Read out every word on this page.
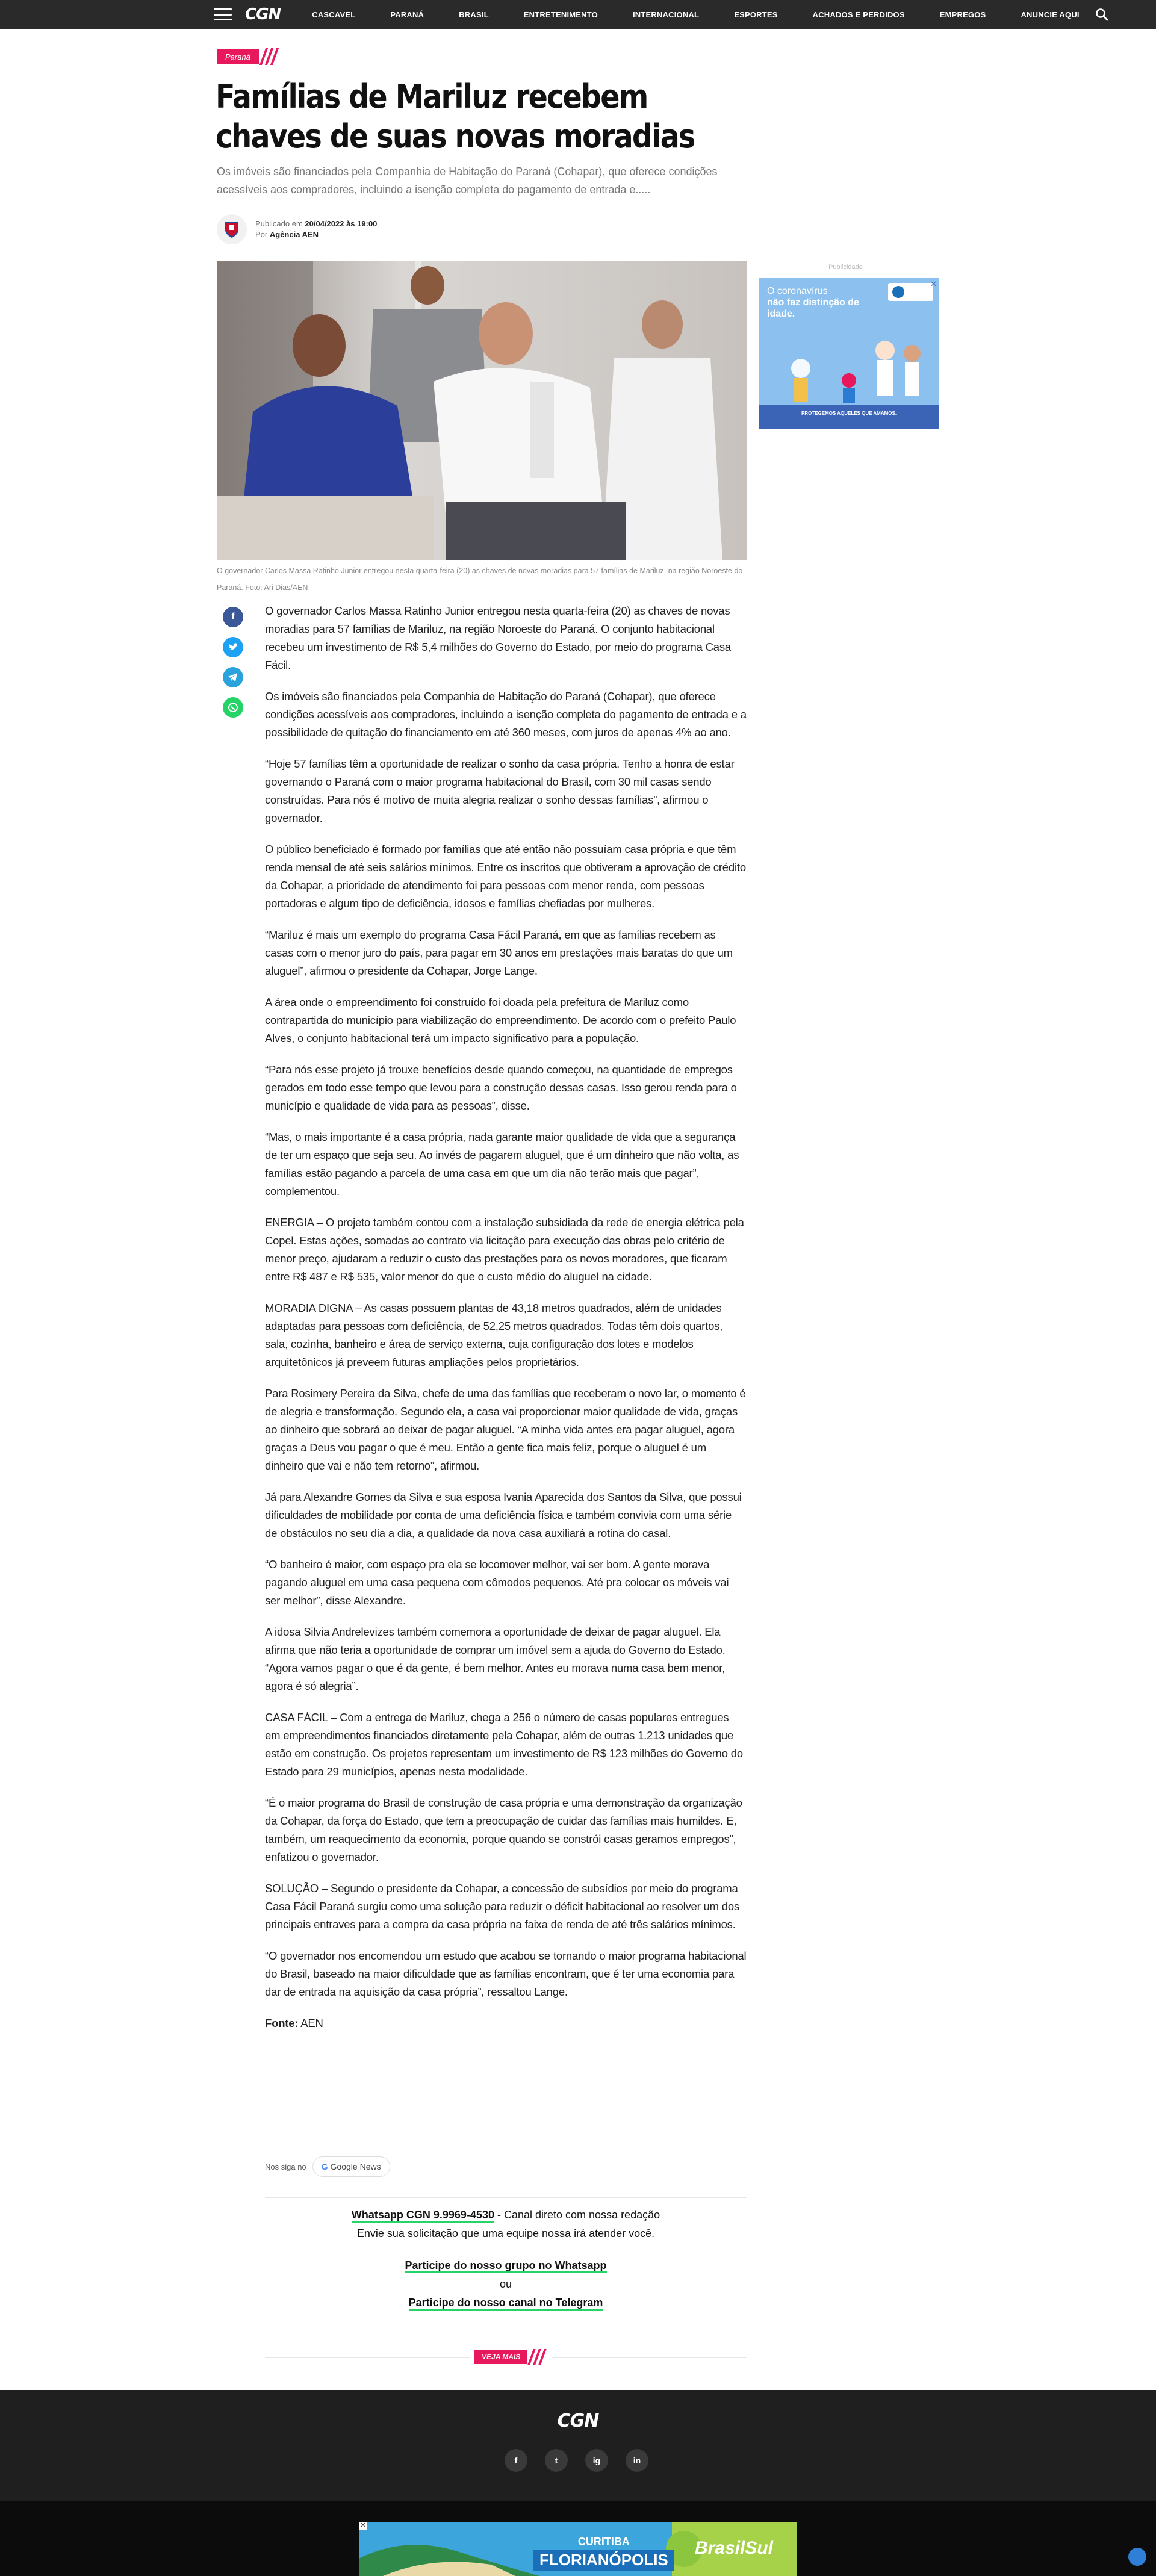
CGN	CASCAVEL	PARANÁ	BRASIL	ENTRETENIMENTO	INTERNACIONAL	ESPORTES	ACHADOS E PERDIDOS	EMPREGOS	ANUNCIE AQUI
Paraná
Famílias de Mariluz recebem chaves de suas novas moradias

Os imóveis são financiados pela Companhia de Habitação do Paraná (Cohapar), que oferece condições acessíveis aos compradores, incluindo a isenção completa do pagamento de entrada e.....

Publicado em 20/04/2022 às 19:00
Por Agência AEN

O governador Carlos Massa Ratinho Junior entregou nesta quarta-feira (20) as chaves de novas moradias para 57 famílias de Mariluz, na região Noroeste do Paraná. Foto: Ari Dias/AEN

Publicidade
O coronavírus
não faz distinção de idade.
PROTEGEMOS AQUELES QUE AMAMOS.
✕
f	O governador Carlos Massa Ratinho Junior entregou nesta quarta-feira (20) as chaves de novas moradias para 57 famílias de Mariluz, na região Noroeste do Paraná. O conjunto habitacional recebeu um investimento de R$ 5,4 milhões do Governo do Estado, por meio do programa Casa Fácil.

Os imóveis são financiados pela Companhia de Habitação do Paraná (Cohapar), que oferece condições acessíveis aos compradores, incluindo a isenção completa do pagamento de entrada e a possibilidade de quitação do financiamento em até 360 meses, com juros de apenas 4% ao ano.

“Hoje 57 famílias têm a oportunidade de realizar o sonho da casa própria. Tenho a honra de estar governando o Paraná com o maior programa habitacional do Brasil, com 30 mil casas sendo construídas. Para nós é motivo de muita alegria realizar o sonho dessas famílias”, afirmou o governador.

O público beneficiado é formado por famílias que até então não possuíam casa própria e que têm renda mensal de até seis salários mínimos. Entre os inscritos que obtiveram a aprovação de crédito da Cohapar, a prioridade de atendimento foi para pessoas com menor renda, com pessoas portadoras e algum tipo de deficiência, idosos e famílias chefiadas por mulheres.

“Mariluz é mais um exemplo do programa Casa Fácil Paraná, em que as famílias recebem as casas com o menor juro do país, para pagar em 30 anos em prestações mais baratas do que um aluguel”, afirmou o presidente da Cohapar, Jorge Lange.

A área onde o empreendimento foi construído foi doada pela prefeitura de Mariluz como contrapartida do município para viabilização do empreendimento. De acordo com o prefeito Paulo Alves, o conjunto habitacional terá um impacto significativo para a população.

“Para nós esse projeto já trouxe benefícios desde quando começou, na quantidade de empregos gerados em todo esse tempo que levou para a construção dessas casas. Isso gerou renda para o município e qualidade de vida para as pessoas”, disse.

“Mas, o mais importante é a casa própria, nada garante maior qualidade de vida que a segurança de ter um espaço que seja seu. Ao invés de pagarem aluguel, que é um dinheiro que não volta, as famílias estão pagando a parcela de uma casa em que um dia não terão mais que pagar”, complementou.

ENERGIA – O projeto também contou com a instalação subsidiada da rede de energia elétrica pela Copel. Estas ações, somadas ao contrato via licitação para execução das obras pelo critério de menor preço, ajudaram a reduzir o custo das prestações para os novos moradores, que ficaram entre R$ 487 e R$ 535, valor menor do que o custo médio do aluguel na cidade.

MORADIA DIGNA – As casas possuem plantas de 43,18 metros quadrados, além de unidades adaptadas para pessoas com deficiência, de 52,25 metros quadrados. Todas têm dois quartos, sala, cozinha, banheiro e área de serviço externa, cuja configuração dos lotes e modelos arquitetônicos já preveem futuras ampliações pelos proprietários.

Para Rosimery Pereira da Silva, chefe de uma das famílias que receberam o novo lar, o momento é de alegria e transformação. Segundo ela, a casa vai proporcionar maior qualidade de vida, graças ao dinheiro que sobrará ao deixar de pagar aluguel. “A minha vida antes era pagar aluguel, agora graças a Deus vou pagar o que é meu. Então a gente fica mais feliz, porque o aluguel é um dinheiro que vai e não tem retorno”, afirmou.

Já para Alexandre Gomes da Silva e sua esposa Ivania Aparecida dos Santos da Silva, que possui dificuldades de mobilidade por conta de uma deficiência física e também convivia com uma série de obstáculos no seu dia a dia, a qualidade da nova casa auxiliará a rotina do casal.

“O banheiro é maior, com espaço pra ela se locomover melhor, vai ser bom. A gente morava pagando aluguel em uma casa pequena com cômodos pequenos. Até pra colocar os móveis vai ser melhor”, disse Alexandre.

A idosa Silvia Andrelevizes também comemora a oportunidade de deixar de pagar aluguel. Ela afirma que não teria a oportunidade de comprar um imóvel sem a ajuda do Governo do Estado. “Agora vamos pagar o que é da gente, é bem melhor. Antes eu morava numa casa bem menor, agora é só alegria”.

CASA FÁCIL – Com a entrega de Mariluz, chega a 256 o número de casas populares entregues em empreendimentos financiados diretamente pela Cohapar, além de outras 1.213 unidades que estão em construção. Os projetos representam um investimento de R$ 123 milhões do Governo do Estado para 29 municípios, apenas nesta modalidade.

“É o maior programa do Brasil de construção de casa própria e uma demonstração da organização da Cohapar, da força do Estado, que tem a preocupação de cuidar das famílias mais humildes. E, também, um reaquecimento da economia, porque quando se constrói casas geramos empregos”, enfatizou o governador.

SOLUÇÃO – Segundo o presidente da Cohapar, a concessão de subsídios por meio do programa Casa Fácil Paraná surgiu como uma solução para reduzir o déficit habitacional ao resolver um dos principais entraves para a compra da casa própria na faixa de renda de até três salários mínimos.

“O governador nos encomendou um estudo que acabou se tornando o maior programa habitacional do Brasil, baseado na maior dificuldade que as famílias encontram, que é ter uma economia para dar de entrada na aquisição da casa própria”, ressaltou Lange.

Fonte: AEN

Nos siga no G Google News
Whatsapp CGN 9.9969-4530 - Canal direto com nossa redação
Envie sua solicitação que uma equipe nossa irá atender você.
Participe do nosso grupo no Whatsapp
ou
Participe do nosso canal no Telegram
VEJA MAIS
CGN
f	t	ig	in
✕
CURITIBA
FLORIANÓPOLIS
BrasilSul
